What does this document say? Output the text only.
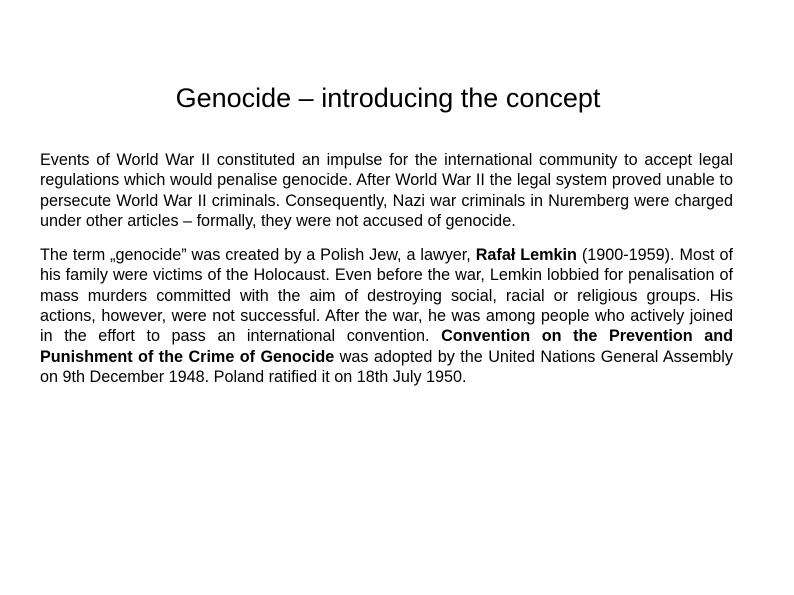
Genocide – introducing the concept

Events of World War II constituted an impulse for the international community to accept legal regulations which would penalise genocide. After World War II the legal system proved unable to persecute World War II criminals. Consequently, Nazi war criminals in Nuremberg were charged under other articles – formally, they were not accused of genocide.

The term „genocide” was created by a Polish Jew, a lawyer, Rafał Lemkin (1900-1959). Most of his family were victims of the Holocaust. Even before the war, Lemkin lobbied for penalisation of mass murders committed with the aim of destroying social, racial or religious groups. His actions, however, were not successful. After the war, he was among people who actively joined in the effort to pass an international convention. Convention on the Prevention and Punishment of the Crime of Genocide was adopted by the United Nations General Assembly on 9th December 1948. Poland ratified it on 18th July 1950.
